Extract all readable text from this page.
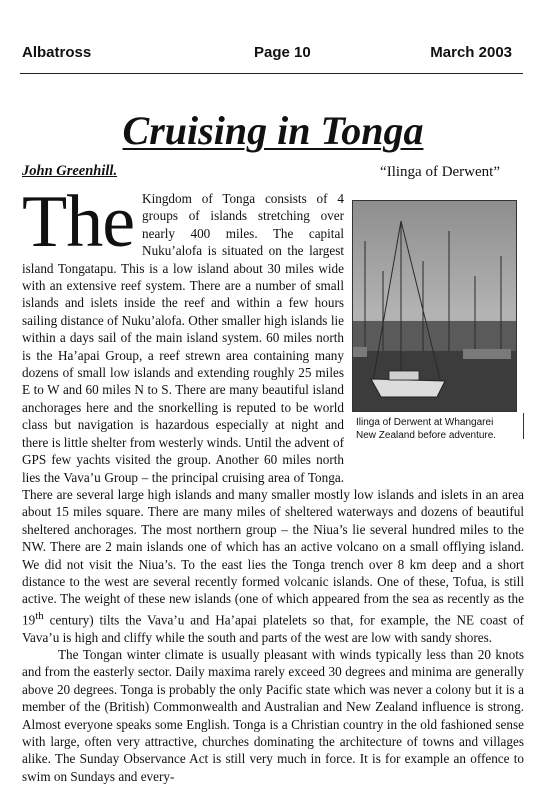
Albatross	Page 10	March 2003
Cruising in Tonga
John Greenhill.	“Ilinga of Derwent”
Ilinga of Derwent at Whangarei
New Zealand before adventure.

The Kingdom of Tonga consists of 4 groups of islands stretching over nearly 400 miles. The capital Nuku’alofa is situated on the largest island Tongatapu. This is a low island about 30 miles wide with an extensive reef system. There are a number of small islands and islets inside the reef and within a few hours sailing distance of Nuku’alofa. Other smaller high islands lie within a days sail of the main island system. 60 miles north is the Ha’apai Group, a reef strewn area containing many dozens of small low islands and extending roughly 25 miles E to W and 60 miles N to S. There are many beautiful island anchorages here and the snorkelling is reputed to be world class but navigation is hazardous especially at night and there is little shelter from westerly winds. Until the advent of GPS few yachts visited the group. Another 60 miles north lies the Vava’u Group – the principal cruising area of Tonga. There are several large high islands and many smaller mostly low islands and islets in an area about 15 miles square. There are many miles of sheltered waterways and dozens of beautiful sheltered anchorages. The most northern group – the Niua’s lie several hundred miles to the NW. There are 2 main islands one of which has an active volcano on a small offlying island. We did not visit the Niua’s. To the east lies the Tonga trench over 8 km deep and a short distance to the west are several recently formed volcanic islands. One of these, Tofua, is still active. The weight of these new islands (one of which appeared from the sea as recently as the 19th century) tilts the Vava’u and Ha’apai platelets so that, for example, the NE coast of Vava’u is high and cliffy while the south and parts of the west are low with sandy shores.

The Tongan winter climate is usually pleasant with winds typically less than 20 knots and from the easterly sector. Daily maxima rarely exceed 30 degrees and minima are generally above 20 degrees. Tonga is probably the only Pacific state which was never a colony but it is a member of the (British) Commonwealth and Australian and New Zealand influence is strong. Almost everyone speaks some English. Tonga is a Christian country in the old fashioned sense with large, often very attractive, churches dominating the architecture of towns and villages alike. The Sunday Observance Act is still very much in force. It is for example an offence to swim on Sundays and every-
